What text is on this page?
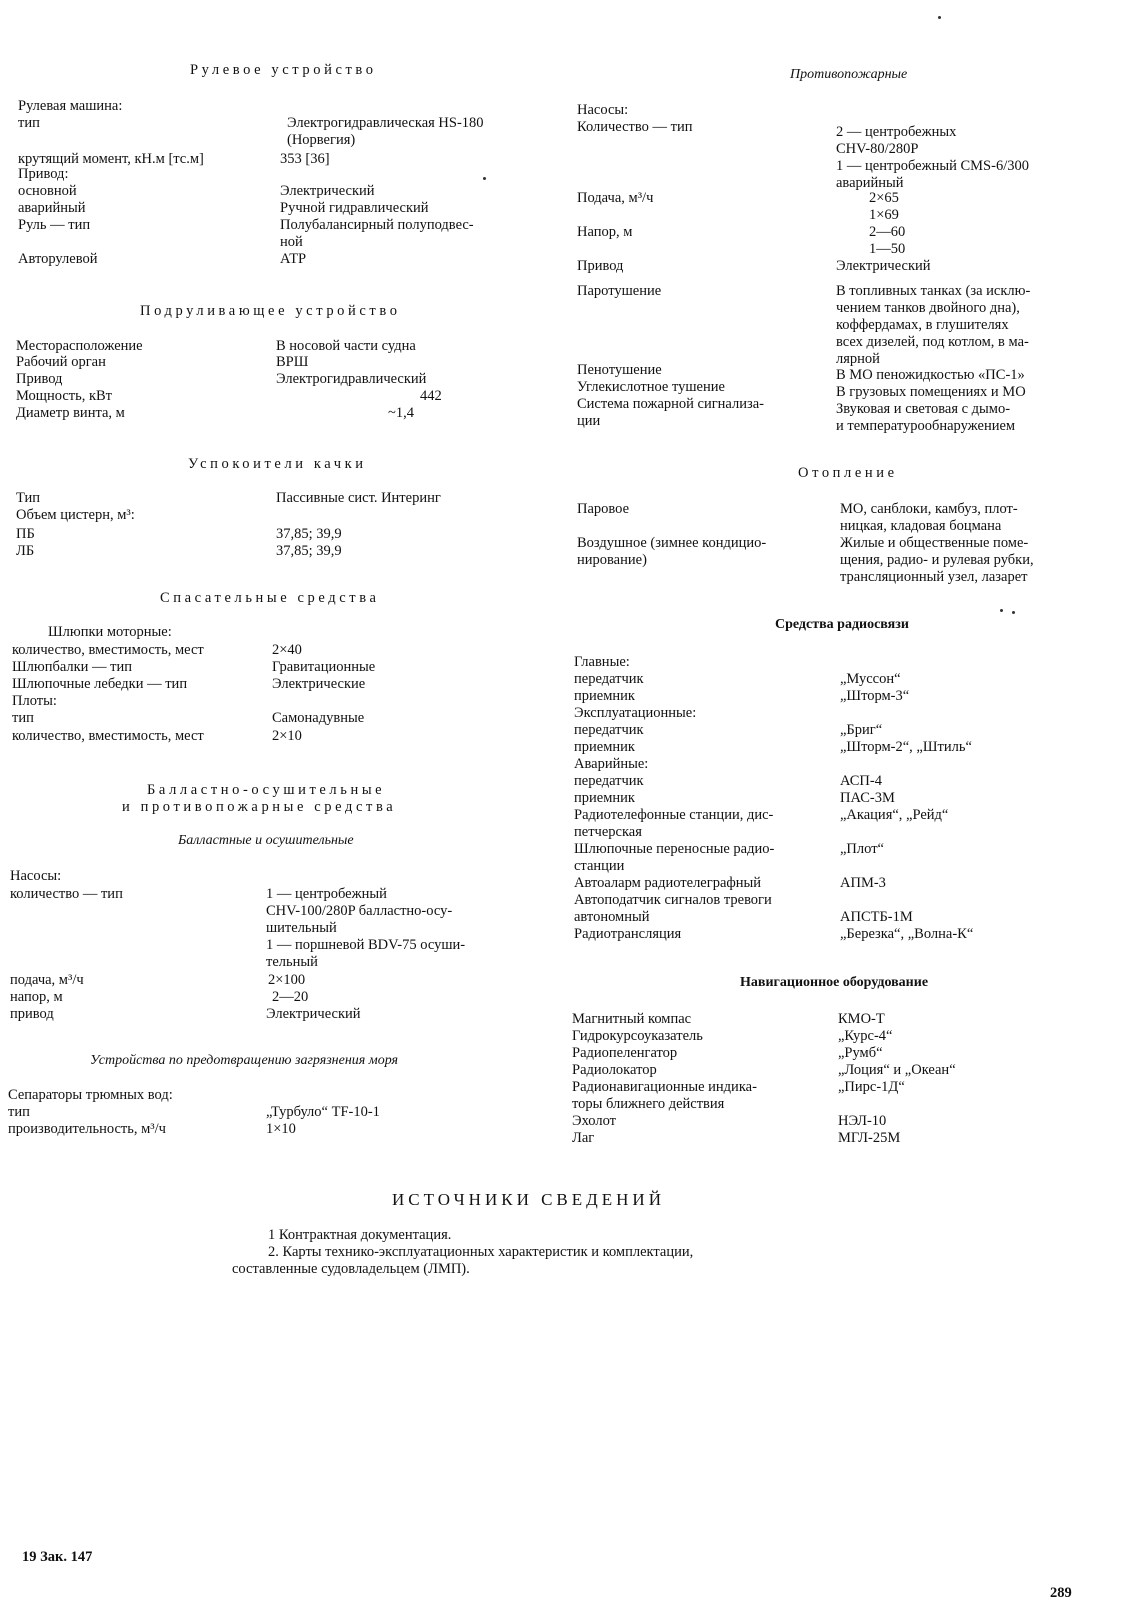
Рулевое устройство
Рулевая машина:
тип	Электрогидравлическая HS-180
(Норвегия)
крутящий момент, кН.м [тс.м]	353 [36]
Привод:
основной	Электрический
аварийный	Ручной гидравлический
Руль — тип	Полубалансирный полуподвес-
ной
Авторулевой	АТР
Подруливающее устройство
Месторасположение	В носовой части судна
Рабочий орган	ВРШ
Привод	Электрогидравлический
Мощность, кВт	442
Диаметр винта, м	~1,4
Успокоители качки
Тип	Пассивные сист. Интеринг
Объем цистерн, м³:
ПБ	37,85; 39,9
ЛБ	37,85; 39,9
Спасательные средства
Шлюпки моторные:
количество, вместимость, мест	2×40
Шлюпбалки — тип	Гравитационные
Шлюпочные лебедки — тип	Электрические
Плоты:
тип	Самонадувные
количество, вместимость, мест	2×10
Балластно-осушительные
и противопожарные средства
Балластные и осушительные
Насосы:
количество — тип	1 — центробежный
CHV-100/280P балластно-осу-
шительный
1 — поршневой BDV-75 осуши-
тельный
подача, м³/ч	2×100
напор, м	2—20
привод	Электрический
Устройства по предотвращению загрязнения моря
Сепараторы трюмных вод:
тип	„Турбуло“ TF-10-1
производительность, м³/ч	1×10
Противопожарные
Насосы:
Количество — тип	2 — центробежных
CHV-80/280P
1 — центробежный CMS-6/300
аварийный
Подача, м³/ч	2×65
1×69
Напор, м	2—60
1—50
Привод	Электрический
Паротушение	В топливных танках (за исклю-
чением танков двойного дна),
коффердамах, в глушителях
всех дизелей, под котлом, в ма-
лярной
Пенотушение	В МО пеножидкостью «ПС-1»
Углекислотное тушение	В грузовых помещениях и МО
Система пожарной сигнализа-	Звуковая и световая с дымо-
ции	и температурообнаружением
Отопление
Паровое	МО, санблоки, камбуз, плот-
ницкая, кладовая боцмана
Воздушное (зимнее кондицио-	Жилые и общественные поме-
нирование)	щения, радио- и рулевая рубки,
трансляционный узел, лазарет
Средства радиосвязи
Главные:
передатчик	„Муссон“
приемник	„Шторм-3“
Эксплуатационные:
передатчик	„Бриг“
приемник	„Шторм-2“, „Штиль“
Аварийные:
передатчик	АСП-4
приемник	ПАС-3М
Радиотелефонные станции, дис-	„Акация“, „Рейд“
петчерская
Шлюпочные переносные радио-	„Плот“
станции
Автоаларм радиотелеграфный	АПМ-3
Автоподатчик сигналов тревоги
автономный	АПСТБ-1М
Радиотрансляция	„Березка“, „Волна-К“
Навигационное оборудование
Магнитный компас	КМО-Т
Гидрокурсоуказатель	„Курс-4“
Радиопеленгатор	„Румб“
Радиолокатор	„Лоция“ и „Океан“
Радионавигационные индика-	„Пирс-1Д“
торы ближнего действия
Эхолот	НЭЛ-10
Лаг	МГЛ-25М
ИСТОЧНИКИ СВЕДЕНИЙ
1 Контрактная документация.
2. Карты технико-эксплуатационных характеристик и комплектации,
составленные судовладельцем (ЛМП).
19 Зак. 147
289
